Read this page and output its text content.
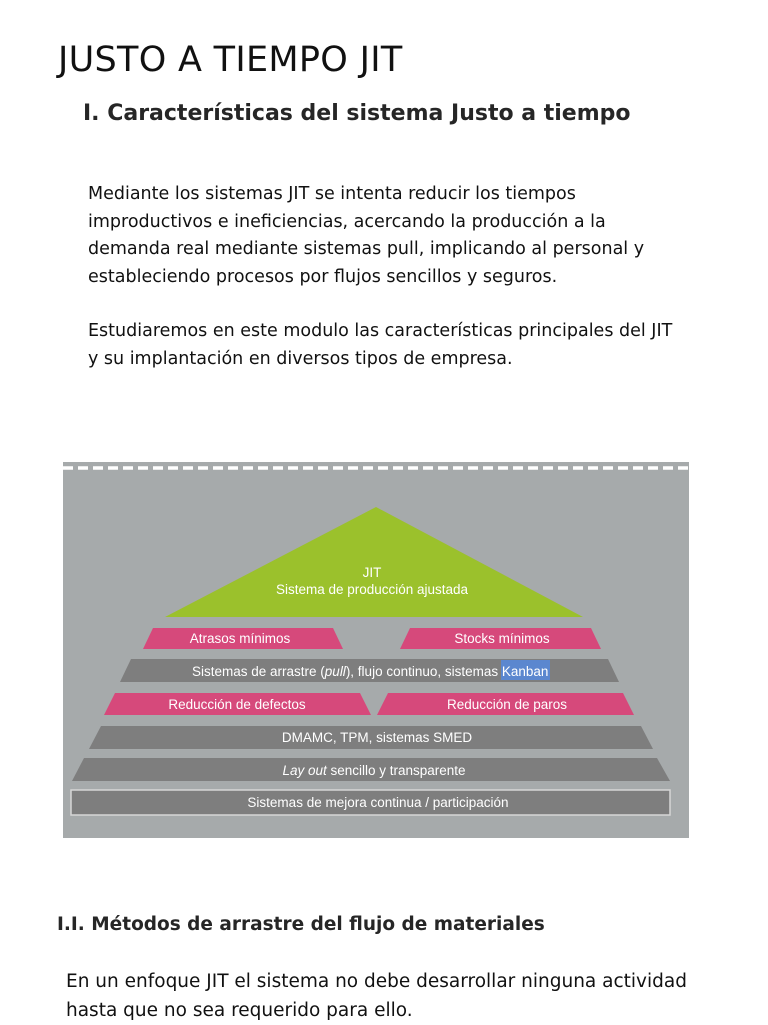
JUSTO A TIEMPO JIT
I. Características del sistema Justo a tiempo

Mediante los sistemas JIT se intenta reducir los tiempos improductivos e ineficiencias, acercando la producción a la demanda real mediante sistemas pull, implicando al personal y estableciendo procesos por flujos sencillos y seguros.

Estudiaremos en este modulo las características principales del JIT y su implantación en diversos tipos de empresa.

JIT
Sistema de producción ajustada
Atrasos mínimos	Stocks mínimos
Sistemas de arrastre (pull), flujo continuo, sistemas Kanban
Reducción de defectos	Reducción de paros
DMAMC, TPM, sistemas SMED
Lay out sencillo y transparente
Sistemas de mejora continua / participación
I.I. Métodos de arrastre del flujo de materiales

En un enfoque JIT el sistema no debe desarrollar ninguna actividad hasta que no sea requerido para ello.
